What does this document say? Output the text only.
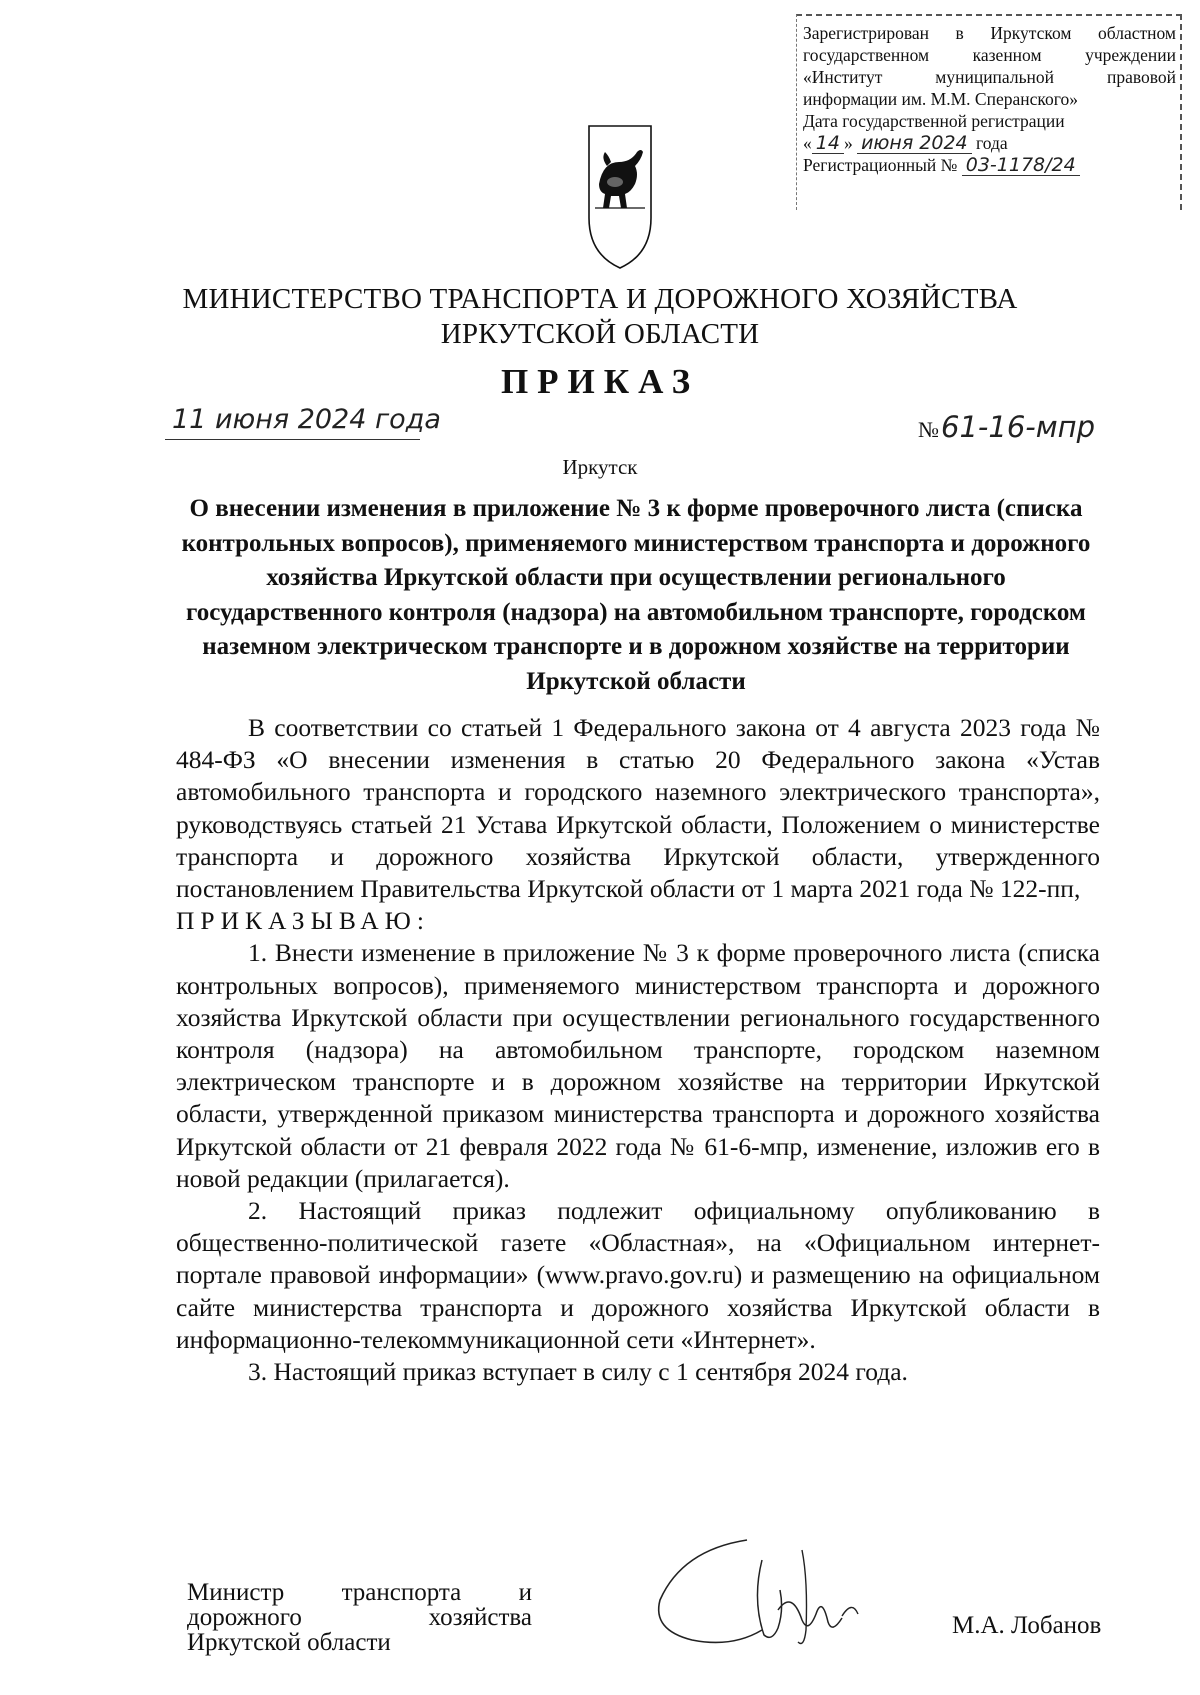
Зарегистрирован в Иркутском областном
государственном казенном учреждении
«Институт муниципальной правовой
информации им. М.М. Сперанского»
Дата государственной регистрации
« 14 » июня 2024 года
Регистрационный № 03-1178/24
МИНИСТЕРСТВО ТРАНСПОРТА И ДОРОЖНОГО ХОЗЯЙСТВА
ИРКУТСКОЙ ОБЛАСТИ
ПРИКАЗ
11 июня 2024 года	№61-16-мпр
Иркутск
О внесении изменения в приложение № 3 к форме проверочного листа (списка контрольных вопросов), применяемого министерством транспорта и дорожного хозяйства Иркутской области при осуществлении регионального государственного контроля (надзора) на автомобильном транспорте, городском наземном электрическом транспорте и в дорожном хозяйстве на территории Иркутской области

В соответствии со статьей 1 Федерального закона от 4 августа 2023 года № 484-ФЗ «О внесении изменения в статью 20 Федерального закона «Устав автомобильного транспорта и городского наземного электрического транспорта», руководствуясь статьей 21 Устава Иркутской области, Положением о министерстве транспорта и дорожного хозяйства Иркутской области, утвержденного постановлением Правительства Иркутской области от 1 марта 2021 года № 122-пп,

ПРИКАЗЫВАЮ:

1. Внести изменение в приложение № 3 к форме проверочного листа (списка контрольных вопросов), применяемого министерством транспорта и дорожного хозяйства Иркутской области при осуществлении регионального государственного контроля (надзора) на автомобильном транспорте, городском наземном электрическом транспорте и в дорожном хозяйстве на территории Иркутской области, утвержденной приказом министерства транспорта и дорожного хозяйства Иркутской области от 21 февраля 2022 года № 61-6-мпр, изменение, изложив его в новой редакции (прилагается).

2. Настоящий приказ подлежит официальному опубликованию в общественно-политической газете «Областная», на «Официальном интернет-портале правовой информации» (www.pravo.gov.ru) и размещению на официальном сайте министерства транспорта и дорожного хозяйства Иркутской области в информационно-телекоммуникационной сети «Интернет».

3. Настоящий приказ вступает в силу с 1 сентября 2024 года.

Министр транспорта и
дорожного хозяйства
Иркутской области
М.А. Лобанов
